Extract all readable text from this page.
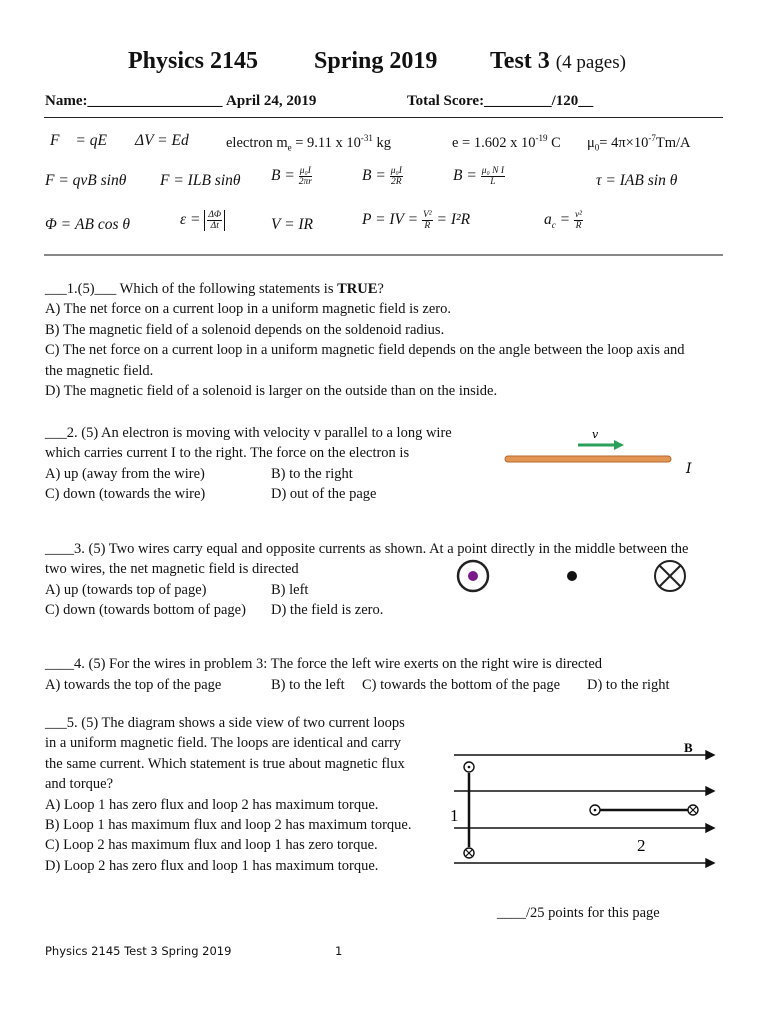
Physics 2145 Spring 2019 Test 3 (4 pages)
Name:__________________ April 24, 2019	Total Score:_________/120__
F⃗ = qE⃗ ΔV = Ed	electron $m_e = 9.11$ x $10^{-31}$ kg	e = 1.602 x $10^{-19}$ C $\mu_0= 4\pi\times 10^{-7}Tm/A$
F = qvB sinθ F = ILB sinθ $B = \frac{\text{μ₀I}}{2\pi r}$	$B = \frac{\text{μ₀I}}{2R}$	$B = \frac{\text{μ₀ N I}}{L}$	τ = IAB sin θ
Φ = AB cos θ	$\varepsilon = \frac{\Delta\Phi}{\Delta t}$	V = IR	P = IV = $\frac{\text{V²}}{R} = I^2R$	$a_c = \frac{\text{v²}}{R}$
___1.(5)___ Which of the following statements is TRUE?
A) The net force on a current loop in a uniform magnetic field is zero.
B) The magnetic field of a solenoid depends on the soldenoid radius.
C) The net force on a current loop in a uniform magnetic field depends on the angle between the loop axis and
the magnetic field.
D) The magnetic field of a solenoid is larger on the outside than on the inside.
___2. (5) An electron is moving with velocity v parallel to a long wire
which carries current I to the right. The force on the electron is
A) up (away from the wire)	B) to the right
C) down (towards the wire)	D) out of the page
v
I
____3. (5) Two wires carry equal and opposite currents as shown. At a point directly in the middle between the
two wires, the net magnetic field is directed
A) up (towards top of page)	B) left
C) down (towards bottom of page) D) the field is zero.
____4. (5) For the wires in problem 3: The force the left wire exerts on the right wire is directed
A) towards the top of the page	B) to the left C) towards the bottom of the page D) to the right
___5. (5) The diagram shows a side view of two current loops
in a uniform magnetic field. The loops are identical and carry
the same current. Which statement is true about magnetic flux
and torque?
A) Loop 1 has zero flux and loop 2 has maximum torque.
B) Loop 1 has maximum flux and loop 2 has maximum torque.
C) Loop 2 has maximum flux and loop 1 has zero torque.
D) Loop 2 has zero flux and loop 1 has maximum torque.
B
1
2
____/25 points for this page
Physics 2145 Test 3 Spring 2019	1
